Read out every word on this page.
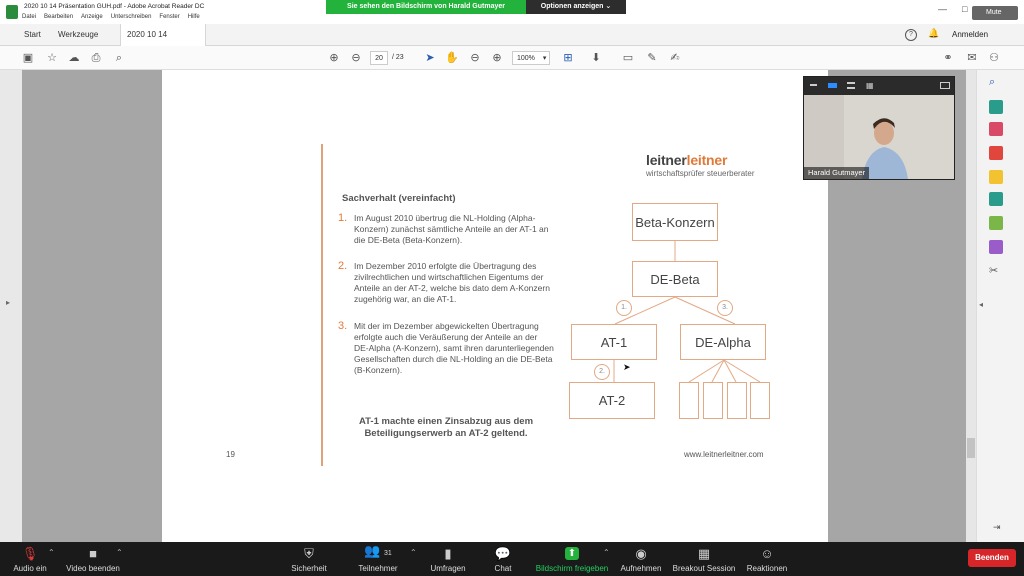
2020 10 14 Präsentation GUH.pdf - Adobe Acrobat Reader DC
Datei Bearbeiten Anzeige Unterschreiben Fenster Hilfe
— □
Sie sehen den Bildschirm von Harald Gutmayer	Optionen anzeigen ⌄
Mute
Start	Werkzeuge	2020 10 14	?	🔔 Anmelden
▣ ☆ ☁	⎙	⌕	⊕	⊖	20	/ 23	➤ ✋	⊖	⊕	100% ▾	⊞	⬇	▭	✎	✍	⚭	✉	⚇
▸
⌕
✂
◂
⇥
leitnerleitner
wirtschaftsprüfer steuerberater
Sachverhalt (vereinfacht)
1. Im August 2010 übertrug die NL-Holding (Alpha-Konzern) zunächst sämtliche Anteile an der AT-1 an die DE-Beta (Beta-Konzern).
2. Im Dezember 2010 erfolgte die Übertragung des zivilrechtlichen und wirtschaftlichen Eigentums der Anteile an der AT-2, welche bis dato dem A-Konzern zugehörig war, an die AT-1.
3. Mit der im Dezember abgewickelten Übertragung erfolgte auch die Veräußerung der Anteile an der DE-Alpha (A-Konzern), samt ihren darunterliegenden Gesellschaften durch die NL-Holding an die DE-Beta (B-Konzern).
AT-1 machte einen Zinsabzug aus dem Beteiligungserwerb an AT-2 geltend.
19	www.leitnerleitner.com
Beta-Konzern
DE-Beta
AT-1	DE-Alpha
AT-2
1.	3.
2.	➤
▦
Harald Gutmayer
🎙
Audio ein
⌃	■
Video beenden
⌃	⛨
Sicherheit
👥 31
Teilnehmer
⌃ ▮
Umfragen
💬
Chat
⬆
Bildschirm freigeben
⌃ ◉
Aufnehmen
▦
Breakout Session
☺
Reaktionen
Beenden
